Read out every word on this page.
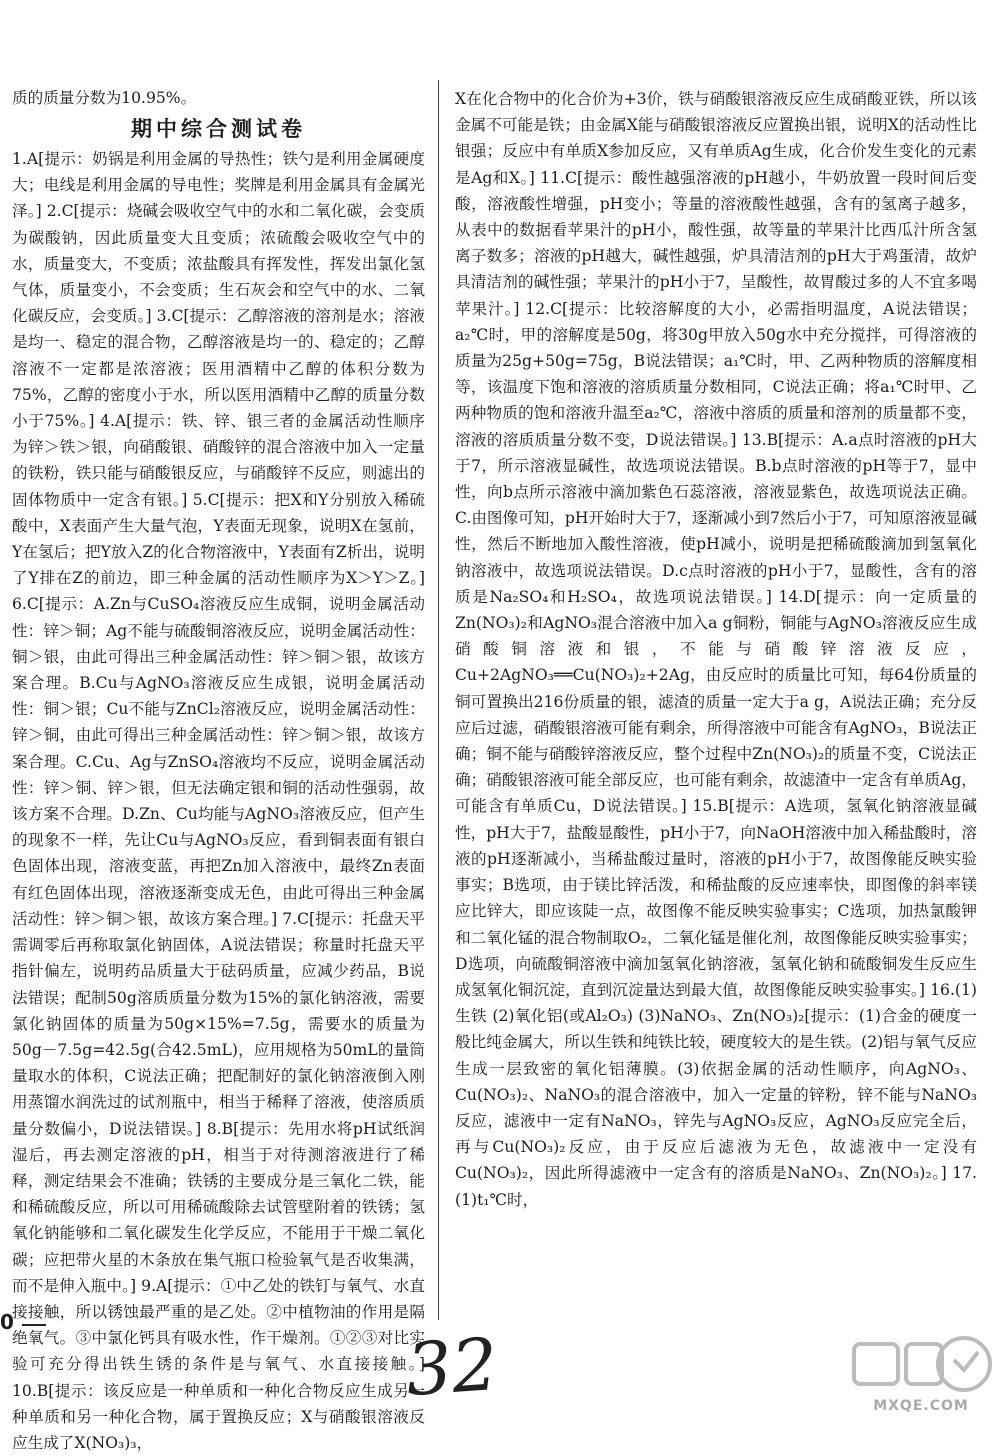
质的质量分数为10.95%。
期中综合测试卷

1.A[提示：奶锅是利用金属的导热性；铁勺是利用金属硬度大；电线是利用金属的导电性；奖牌是利用金属具有金属光泽。] 2.C[提示：烧碱会吸收空气中的水和二氧化碳，会变质为碳酸钠，因此质量变大且变质；浓硫酸会吸收空气中的水，质量变大，不变质；浓盐酸具有挥发性，挥发出氯化氢气体，质量变小，不会变质；生石灰会和空气中的水、二氧化碳反应，会变质。] 3.C[提示：乙醇溶液的溶剂是水；溶液是均一、稳定的混合物，乙醇溶液是均一的、稳定的；乙醇溶液不一定都是浓溶液；医用酒精中乙醇的体积分数为75%，乙醇的密度小于水，所以医用酒精中乙醇的质量分数小于75%。] 4.A[提示：铁、锌、银三者的金属活动性顺序为锌＞铁＞银，向硝酸银、硝酸锌的混合溶液中加入一定量的铁粉，铁只能与硝酸银反应，与硝酸锌不反应，则滤出的固体物质中一定含有银。] 5.C[提示：把X和Y分别放入稀硫酸中，X表面产生大量气泡，Y表面无现象，说明X在氢前，Y在氢后；把Y放入Z的化合物溶液中，Y表面有Z析出，说明了Y排在Z的前边，即三种金属的活动性顺序为X＞Y＞Z。] 6.C[提示：A.Zn与CuSO₄溶液反应生成铜，说明金属活动性：锌＞铜；Ag不能与硫酸铜溶液反应，说明金属活动性：铜＞银，由此可得出三种金属活动性：锌＞铜＞银，故该方案合理。B.Cu与AgNO₃溶液反应生成银，说明金属活动性：铜＞银；Cu不能与ZnCl₂溶液反应，说明金属活动性：锌＞铜，由此可得出三种金属活动性：锌＞铜＞银，故该方案合理。C.Cu、Ag与ZnSO₄溶液均不反应，说明金属活动性：锌＞铜、锌＞银，但无法确定银和铜的活动性强弱，故该方案不合理。D.Zn、Cu均能与AgNO₃溶液反应，但产生的现象不一样，先让Cu与AgNO₃反应，看到铜表面有银白色固体出现，溶液变蓝，再把Zn加入溶液中，最终Zn表面有红色固体出现，溶液逐渐变成无色，由此可得出三种金属活动性：锌＞铜＞银，故该方案合理。] 7.C[提示：托盘天平需调零后再称取氯化钠固体，A说法错误；称量时托盘天平指针偏左，说明药品质量大于砝码质量，应减少药品，B说法错误；配制50g溶质质量分数为15%的氯化钠溶液，需要氯化钠固体的质量为50g×15%=7.5g，需要水的质量为50g－7.5g=42.5g(合42.5mL)，应用规格为50mL的量筒量取水的体积，C说法正确；把配制好的氯化钠溶液倒入刚用蒸馏水润洗过的试剂瓶中，相当于稀释了溶液，使溶质质量分数偏小，D说法错误。] 8.B[提示：先用水将pH试纸润湿后，再去测定溶液的pH，相当于对待测溶液进行了稀释，测定结果会不准确；铁锈的主要成分是三氧化二铁，能和稀硫酸反应，所以可用稀硫酸除去试管壁附着的铁锈；氢氧化钠能够和二氧化碳发生化学反应，不能用于干燥二氧化碳；应把带火星的木条放在集气瓶口检验氧气是否收集满，而不是伸入瓶中。] 9.A[提示：①中乙处的铁钉与氧气、水直接接触，所以锈蚀最严重的是乙处。②中植物油的作用是隔绝氧气。③中氯化钙具有吸水性，作干燥剂。①②③对比实验可充分得出铁生锈的条件是与氧气、水直接接触。] 10.B[提示：该反应是一种单质和一种化合物反应生成另一种单质和另一种化合物，属于置换反应；X与硝酸银溶液反应生成了X(NO₃)₃，

X在化合物中的化合价为+3价，铁与硝酸银溶液反应生成硝酸亚铁，所以该金属不可能是铁；由金属X能与硝酸银溶液反应置换出银，说明X的活动性比银强；反应中有单质X参加反应，又有单质Ag生成，化合价发生变化的元素是Ag和X。] 11.C[提示：酸性越强溶液的pH越小，牛奶放置一段时间后变酸，溶液酸性增强，pH变小；等量的溶液酸性越强，含有的氢离子越多，从表中的数据看苹果汁的pH小，酸性强，故等量的苹果汁比西瓜汁所含氢离子数多；溶液的pH越大，碱性越强，炉具清洁剂的pH大于鸡蛋清，故炉具清洁剂的碱性强；苹果汁的pH小于7，呈酸性，故胃酸过多的人不宜多喝苹果汁。] 12.C[提示：比较溶解度的大小，必需指明温度，A说法错误；a₂℃时，甲的溶解度是50g，将30g甲放入50g水中充分搅拌，可得溶液的质量为25g+50g=75g，B说法错误；a₁℃时，甲、乙两种物质的溶解度相等，该温度下饱和溶液的溶质质量分数相同，C说法正确；将a₁℃时甲、乙两种物质的饱和溶液升温至a₂℃，溶液中溶质的质量和溶剂的质量都不变，溶液的溶质质量分数不变，D说法错误。] 13.B[提示：A.a点时溶液的pH大于7，所示溶液显碱性，故选项说法错误。B.b点时溶液的pH等于7，显中性，向b点所示溶液中滴加紫色石蕊溶液，溶液显紫色，故选项说法正确。C.由图像可知，pH开始时大于7，逐渐减小到7然后小于7，可知原溶液显碱性，然后不断地加入酸性溶液，使pH减小，说明是把稀硫酸滴加到氢氧化钠溶液中，故选项说法错误。D.c点时溶液的pH小于7，显酸性，含有的溶质是Na₂SO₄和H₂SO₄，故选项说法错误。] 14.D[提示：向一定质量的Zn(NO₃)₂和AgNO₃混合溶液中加入a g铜粉，铜能与AgNO₃溶液反应生成硝酸铜溶液和银，不能与硝酸锌溶液反应，Cu+2AgNO₃══Cu(NO₃)₂+2Ag，由反应时的质量比可知，每64份质量的铜可置换出216份质量的银，滤渣的质量一定大于a g，A说法正确；充分反应后过滤，硝酸银溶液可能有剩余，所得溶液中可能含有AgNO₃，B说法正确；铜不能与硝酸锌溶液反应，整个过程中Zn(NO₃)₂的质量不变，C说法正确；硝酸银溶液可能全部反应，也可能有剩余，故滤渣中一定含有单质Ag，可能含有单质Cu，D说法错误。] 15.B[提示：A选项，氢氧化钠溶液显碱性，pH大于7，盐酸显酸性，pH小于7，向NaOH溶液中加入稀盐酸时，溶液的pH逐渐减小，当稀盐酸过量时，溶液的pH小于7，故图像能反映实验事实；B选项，由于镁比锌活泼，和稀盐酸的反应速率快，即图像的斜率镁应比锌大，即应该陡一点，故图像不能反映实验事实；C选项，加热氯酸钾和二氧化锰的混合物制取O₂，二氧化锰是催化剂，故图像能反映实验事实；D选项，向硫酸铜溶液中滴加氢氧化钠溶液，氢氧化钠和硫酸铜发生反应生成氢氧化铜沉淀，直到沉淀量达到最大值，故图像能反映实验事实。] 16.(1)生铁 (2)氧化铝(或Al₂O₃) (3)NaNO₃、Zn(NO₃)₂[提示：(1)合金的硬度一般比纯金属大，所以生铁和纯铁比较，硬度较大的是生铁。(2)铝与氧气反应生成一层致密的氧化铝薄膜。(3)依据金属的活动性顺序，向AgNO₃、Cu(NO₃)₂、NaNO₃的混合溶液中，加入一定量的锌粉，锌不能与NaNO₃反应，滤液中一定有NaNO₃，锌先与AgNO₃反应，AgNO₃反应完全后，再与Cu(NO₃)₂反应，由于反应后滤液为无色，故滤液中一定没有Cu(NO₃)₂，因此所得滤液中一定含有的溶质是NaNO₃、Zn(NO₃)₂。] 17.(1)t₁℃时，

0	32	MXQE.COM
